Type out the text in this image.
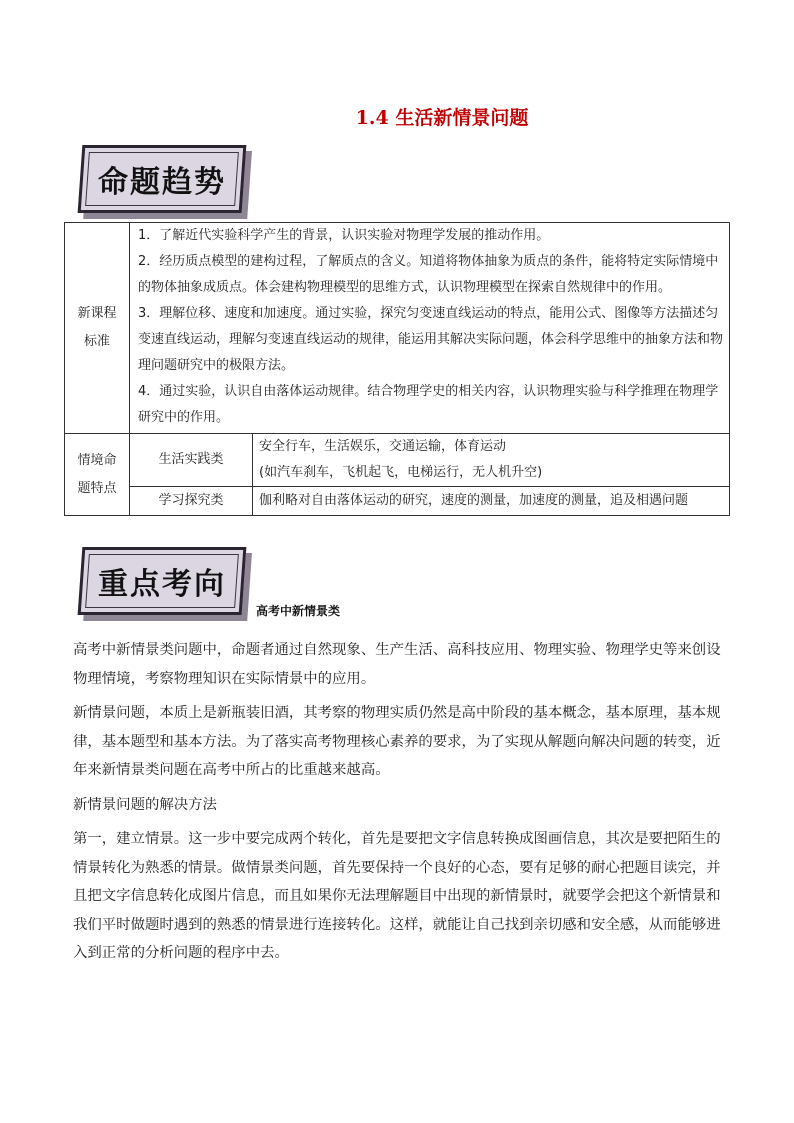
1.4 生活新情景问题
命题趋势
新课程标准	1．了解近代实验科学产生的背景，认识实验对物理学发展的推动作用。

2．经历质点模型的建构过程，了解质点的含义。知道将物体抽象为质点的条件，能将特定实际情境中的物体抽象成质点。体会建构物理模型的思维方式，认识物理模型在探索自然规律中的作用。

3．理解位移、速度和加速度。通过实验，探究匀变速直线运动的特点，能用公式、图像等方法描述匀变速直线运动，理解匀变速直线运动的规律，能运用其解决实际问题，体会科学思维中的抽象方法和物理问题研究中的极限方法。

4．通过实验，认识自由落体运动规律。结合物理学史的相关内容，认识物理实验与科学推理在物理学研究中的作用。	

情境命题特点	生活实践类	安全行车，生活娱乐，交通运输，体育运动
(如汽车刹车，飞机起飞，电梯运行，无人机升空)

	学习探究类	伽利略对自由落体运动的研究，速度的测量，加速度的测量，追及相遇问题
重点考向
高考中新情景类

高考中新情景类问题中，命题者通过自然现象、生产生活、高科技应用、物理实验、物理学史等来创设物理情境，考察物理知识在实际情景中的应用。

新情景问题，本质上是新瓶装旧酒，其考察的物理实质仍然是高中阶段的基本概念，基本原理，基本规律，基本题型和基本方法。为了落实高考物理核心素养的要求，为了实现从解题向解决问题的转变，近年来新情景类问题在高考中所占的比重越来越高。

新情景问题的解决方法

第一，建立情景。这一步中要完成两个转化，首先是要把文字信息转换成图画信息，其次是要把陌生的情景转化为熟悉的情景。做情景类问题，首先要保持一个良好的心态，要有足够的耐心把题目读完，并且把文字信息转化成图片信息，而且如果你无法理解题目中出现的新情景时，就要学会把这个新情景和我们平时做题时遇到的熟悉的情景进行连接转化。这样，就能让自己找到亲切感和安全感，从而能够进入到正常的分析问题的程序中去。
